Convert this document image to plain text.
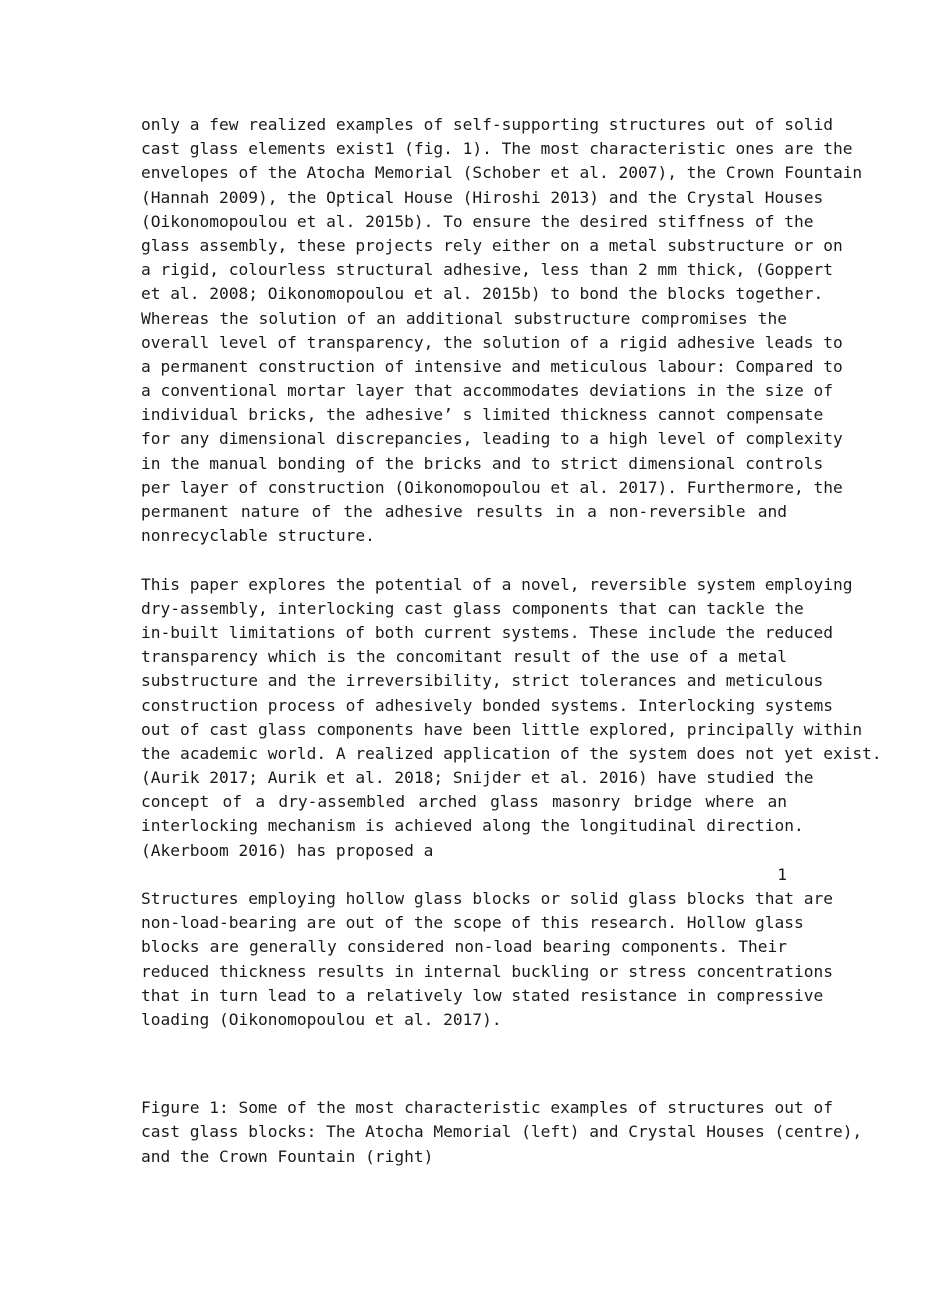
only a few realized examples of self-supporting structures out of solid
cast glass elements exist1 (fig. 1). The most characteristic ones are the
envelopes of the Atocha Memorial (Schober et al. 2007), the Crown Fountain
(Hannah 2009), the Optical House (Hiroshi 2013) and the Crystal Houses
(Oikonomopoulou et al. 2015b). To ensure the desired stiffness of the
glass assembly, these projects rely either on a metal substructure or on
a rigid, colourless structural adhesive, less than 2 mm thick, (Goppert
et al. 2008; Oikonomopoulou et al. 2015b) to bond the blocks together.
Whereas the solution of an additional substructure compromises the
overall level of transparency, the solution of a rigid adhesive leads to
a permanent construction of intensive and meticulous labour: Compared to
a conventional mortar layer that accommodates deviations in the size of
individual bricks, the adhesive’ s limited thickness cannot compensate
for any dimensional discrepancies, leading to a high level of complexity
in the manual bonding of the bricks and to strict dimensional controls
per layer of construction (Oikonomopoulou et al. 2017). Furthermore, the
permanent nature of the adhesive results in a non-reversible and
nonrecyclable structure.
This paper explores the potential of a novel, reversible system employing
dry-assembly, interlocking cast glass components that can tackle the
in-built limitations of both current systems. These include the reduced
transparency which is the concomitant result of the use of a metal
substructure and the irreversibility, strict tolerances and meticulous
construction process of adhesively bonded systems. Interlocking systems
out of cast glass components have been little explored, principally within
the academic world. A realized application of the system does not yet exist.
(Aurik 2017; Aurik et al. 2018; Snijder et al. 2016) have studied the
concept of a dry-assembled arched glass masonry bridge where an
interlocking mechanism is achieved along the longitudinal direction.
(Akerboom 2016) has proposed a
1
Structures employing hollow glass blocks or solid glass blocks that are
non-load-bearing are out of the scope of this research. Hollow glass
blocks are generally considered non-load bearing components. Their
reduced thickness results in internal buckling or stress concentrations
that in turn lead to a relatively low stated resistance in compressive
loading (Oikonomopoulou et al. 2017).
Figure 1: Some of the most characteristic examples of structures out of
cast glass blocks: The Atocha Memorial (left) and Crystal Houses (centre),
and the Crown Fountain (right)
